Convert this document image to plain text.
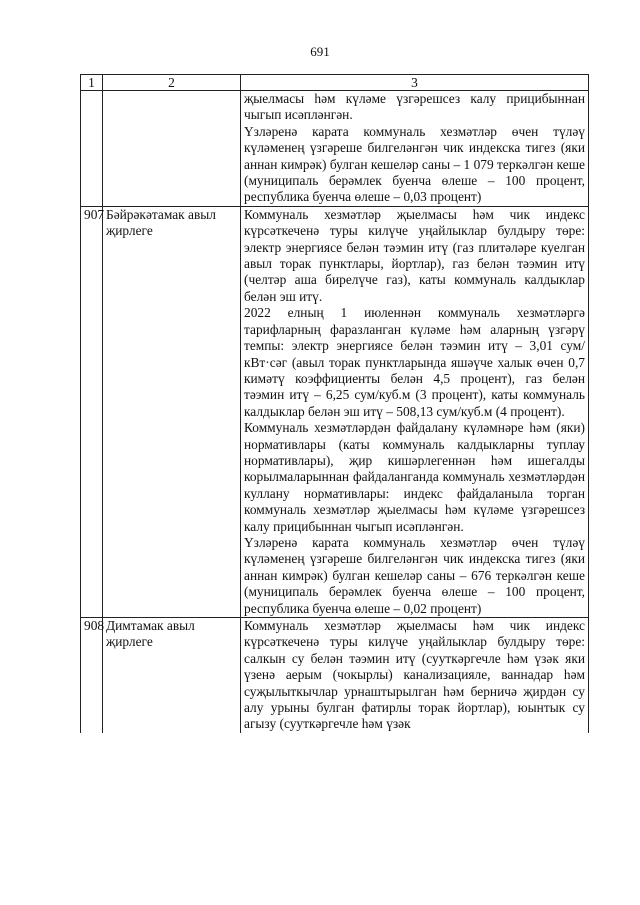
691
1	2	3

		җыелмасы һәм күләме үзгәрешсез калу прицибыннан чыгып исәпләнгән.

Үзләренә карата коммуналь хезмәтләр өчен түләү күләменең үзгәреше билгеләнгән чик индекска тигез (яки аннан кимрәк) булган кешеләр саны – 1 079 теркәлгән кеше (муниципаль берәмлек буенча өлеше – 100 процент, республика буенча өлеше – 0,03 процент)

907	Бәйрәкәтамак авыл җирлеге	Коммуналь хезмәтләр җыелмасы һәм чик индекс күрсәткеченә туры килүче уңайлыклар булдыру төре: электр энергиясе белән тәэмин итү (газ плитәләре куелган авыл торак пунктлары, йортлар), газ белән тәэмин итү (челтәр аша бирелүче газ), каты коммуналь калдыклар белән эш итү.

2022 елның 1 июленнән коммуналь хезмәтләргә тарифларның фаразланган күләме һәм аларның үзгәрү темпы: электр энергиясе белән тәэмин итү – 3,01 сум/кВт·сәг (авыл торак пунктларында яшәүче халык өчен 0,7 кимәтү коэффициенты белән 4,5 процент), газ белән тәэмин итү – 6,25 сум/куб.м (3 процент), каты коммуналь калдыклар белән эш итү – 508,13 сум/куб.м (4 процент).

Коммуналь хезмәтләрдән файдалану күләмнәре һәм (яки) нормативлары (каты коммуналь калдыкларны туплау нормативлары), җир кишәрлегеннән һәм ишегалды корылмаларыннан файдаланганда коммуналь хезмәтләрдән куллану нормативлары: индекс файдаланыла торган коммуналь хезмәтләр җыелмасы һәм күләме үзгәрешсез калу прицибыннан чыгып исәпләнгән.

Үзләренә карата коммуналь хезмәтләр өчен түләү күләменең үзгәреше билгеләнгән чик индекска тигез (яки аннан кимрәк) булган кешеләр саны – 676 теркәлгән кеше (муниципаль берәмлек буенча өлеше – 100 процент, республика буенча өлеше – 0,02 процент)

908	Димтамак авыл җирлеге	Коммуналь хезмәтләр җыелмасы һәм чик индекс күрсәткеченә туры килүче уңайлыклар булдыру төре: салкын су белән тәэмин итү (сууткәргечле һәм үзәк яки үзенә аерым (чокырлы) канализацияле, ваннадар һәм суҗылыткычлар урнаштырылган һәм берничә җирдән су алу урыны булган фатирлы торак йортлар), юынтык су агызу (сууткәргечле һәм үзәк
